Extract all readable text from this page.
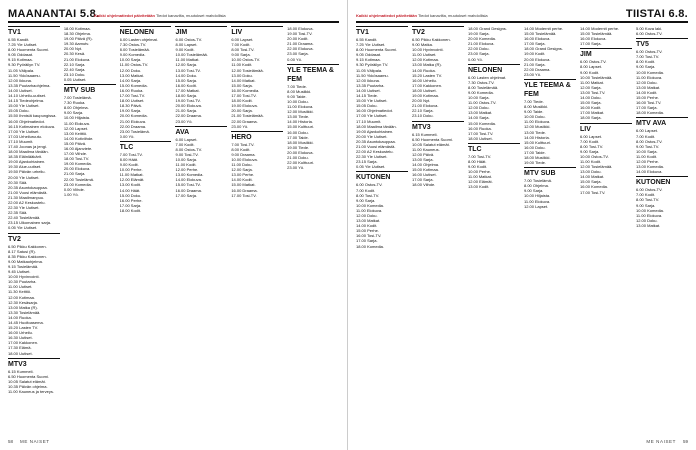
MAANANTAI 5.8.
Kaikki ohjelmatiedot päivitetään Tiedot kanavilta, muutokset mahdollisia
TV1
6.55 Kandit.
7.25 Yle Uutiset.
8.00 Huomenta Suomi.
9.05 Oddasat.
9.15 Kotimaa.
9.30 Pyöräilyn TV.
11.05 Välipala.
11.50 Ykkösaamu.
12.00 Ikkuna.
13.35 Puutarhaohjelma.
14.00 Uutiset.
14.10 Urheilu-uutiset.
14.15 Tiedeohjelma.
15.00 Yle Uutiset.
15.05 Doku.
15.50 Ihmisiä kaupungissa.
16.00 Ohjelmatiedot.
16.15 Kotimainen elokuva.
17.00 Yle Uutiset.
17.03 Urheiluruutu.
17.10 Muumit.
17.40 Joonas ja jengi.
18.00 Maailma tänään.
18.35 Eläinlääkärit.
19.00 Ajankohtainen.
19.30 Alue-uutiset.
19.50 Päivän urheilu.
20.00 Yle Uutiset.
20.30 Sää.
20.35 Asuntokauppaa.
21.00 Vuosi elämästä.
21.30 Maailmanpuu.
22.00 A2 Keskustelu.
22.30 Yle Uutiset.
22.35 Sää.
22.40 Tosielämää.
23.15 Ulkomainen sarja.
0.05 Yle Uutiset.
TV2
6.50 Pikku Kakkonen.
8.17 Satusi (R).
8.35 Pikku Kakkonen.
9.00 Matkaohjelma.
9.15 Tosielämää.
9.45 Uutiset.
10.00 Hyvinvointi.
10.30 Puutarha.
11.00 Uutiset.
11.30 Keittiö.
12.00 Kotimaa.
12.30 Kesäsarja.
13.00 Matka (R).
13.30 Tosielämää.
14.00 Ruoka.
14.45 Huoltoasema.
15.20 Lasten TV.
16.00 Urheilu.
16.30 Uutiset.
17.00 Kakkonen.
17.30 Elämä.
18.00 Uutiset.
MTV3
6.15 Kummeli.
6.50 Huomenta Suomi.
10.05 Salatut elämät.
10.35 Päivän ohjelma.
11.00 Kauneus ja terveys.
18.00 Kotimaa.
18.30 Ohjelma.
19.00 Päivä (R).
19.30 Aamutv.
20.00 Nyt.
20.30 Kesä.
21.00 Elokuva.
22.10 Sarja.
22.40 Sarja.
23.10 Doku.
0.05 Uutiset.
MTV SUB
7.00 Tosielämä.
7.30 Ruoka.
8.00 Ohjelma.
9.00 Sarja.
10.00 Hiljaista.
11.00 Elokuva.
12.00 Lapset.
13.00 Keittiö.
14.00 Kotiviihde.
15.00 Päivä.
16.00 Ajanviete.
17.00 Viihde.
18.00 Tosi-TV.
19.00 Komedia.
20.00 Elokuva.
21.00 Sarja.
22.00 Tosielämä.
23.00 Komedia.
0.00 Viihde.
1.00 Yö.
NELONEN
6.00 Lasten ohjelmat.
7.30 Ostos-TV.
8.00 Tosielämää.
9.00 Komedia.
10.00 Sarja.
11.00 Ostos-TV.
12.00 Doku.
13.00 Matkat.
14.00 Sarja.
15.00 Komedia.
16.00 Ruoka.
17.00 Tosi-TV.
18.00 Uutiset.
18.30 Päivä.
19.00 Sarja.
20.00 Komedia.
21.00 Elokuva.
22.00 Draama.
23.00 Tosielämä.
0.00 Yö.
TLC
7.00 Tosi-TV.
8.00 Häät.
9.00 Kodit.
10.00 Perhe.
11.00 Matkat.
12.00 Elämät.
13.00 Kodit.
14.00 Häät.
15.00 Doku.
16.00 Perhe.
17.00 Sarja.
18.00 Kodit.
JIM
6.00 Ostos-TV.
8.00 Lapset.
9.00 Kodit.
10.00 Tosielämää.
11.00 Matkat.
12.00 Sarja.
13.00 Tosi-TV.
14.00 Doku.
15.00 Sarja.
16.00 Kodit.
17.00 Matkat.
18.00 Sarja.
19.00 Tosi-TV.
20.00 Elokuva.
21.00 Sarja.
22.00 Draama.
23.00 Yö.
AVA
6.00 Lapset.
7.00 Kodit.
8.00 Ostos-TV.
9.00 Tosi-TV.
10.00 Sarja.
11.00 Kodit.
12.00 Perhe.
13.00 Komedia.
14.00 Elokuva.
15.00 Tosi-TV.
16.00 Draama.
17.00 Sarja.
LIV
6.00 Lapset.
7.00 Kodit.
8.00 Tosi-TV.
9.00 Sarja.
10.00 Ostos-TV.
11.00 Kodit.
12.00 Tosielämää.
13.00 Doku.
14.00 Matkat.
15.00 Sarja.
16.00 Komedia.
17.00 Tosi-TV.
18.00 Kodit.
19.00 Elokuva.
20.00 Sarja.
21.00 Tosielämää.
22.00 Draama.
23.00 Yö.
HERO
7.00 Tosi-TV.
8.00 Kodit.
9.00 Draama.
10.00 Elokuva.
11.00 Doku.
12.00 Sarja.
13.00 Perhe.
14.00 Kodit.
15.00 Matkat.
16.00 Draama.
17.00 Tosi-TV.
18.00 Elokuva.
19.00 Tosi-TV.
20.00 Kodit.
21.00 Draama.
22.00 Elokuva.
23.00 Sarja.
0.00 Yö.
YLE TEEMA & FEM
7.00 Tiede.
8.00 Musiikki.
9.00 Taide.
10.00 Doku.
11.00 Elokuva.
12.00 Musiikki.
13.00 Tiede.
14.00 Historia.
15.00 Kulttuuri.
16.00 Doku.
17.00 Taide.
18.00 Musiikki.
19.00 Tiede.
20.00 Elokuva.
21.00 Doku.
22.00 Kulttuuri.
23.00 Yö.
58 ME NAISET
TIISTAI 6.8.
Kaikki ohjelmatiedot päivitetään Tiedot kanavilta, muutokset mahdollisia
TV1
6.55 Kandit.
7.25 Yle Uutiset.
8.00 Huomenta Suomi.
9.05 Oddasat.
9.15 Kotimaa.
9.30 Pyöräilyn TV.
11.05 Välipala.
11.50 Ykkösaamu.
12.00 Ikkuna.
13.35 Puutarha.
14.00 Uutiset.
14.15 Tiede.
15.00 Yle Uutiset.
15.05 Doku.
16.00 Ohjelmatiedot.
17.00 Yle Uutiset.
17.10 Muumit.
18.00 Maailma tänään.
19.00 Ajankohtainen.
20.00 Yle Uutiset.
20.35 Asuntokauppaa.
21.00 Vuosi elämästä.
22.00 A2 Keskustelu.
22.30 Yle Uutiset.
23.15 Sarja.
0.05 Yle Uutiset.
KUTONEN
6.00 Ostos-TV.
7.00 Kodit.
8.00 Tosi-TV.
9.00 Sarja.
10.00 Komedia.
11.00 Elokuva.
12.00 Doku.
13.00 Matkat.
14.00 Kodit.
15.00 Perhe.
16.00 Tosi-TV.
17.00 Sarja.
18.00 Komedia.
TV2
6.50 Pikku Kakkonen.
9.00 Matka.
10.00 Hyvinvointi.
11.00 Uutiset.
12.00 Kotimaa.
13.00 Matka (R).
14.00 Ruoka.
15.20 Lasten TV.
16.00 Urheilu.
17.00 Kakkonen.
18.00 Uutiset.
19.00 Kotimaa.
20.00 Nyt.
21.00 Elokuva.
22.10 Sarja.
23.10 Doku.
MTV3
6.15 Kummeli.
6.50 Huomenta Suomi.
10.05 Salatut elämät.
11.00 Kauneus.
12.00 Päivä.
13.00 Sarja.
14.00 Ohjelma.
15.00 Kotimaa.
16.00 Uutiset.
17.00 Sarja.
18.00 Viihde.
18.00 Grand Designs.
19.00 Sarja.
20.00 Komedia.
21.00 Elokuva.
22.00 Doku.
23.00 Sarja.
0.00 Yö.
NELONEN
6.00 Lasten ohjelmat.
7.30 Ostos-TV.
8.00 Tosielämää.
9.00 Komedia.
10.00 Sarja.
11.00 Ostos-TV.
12.00 Doku.
13.00 Matkat.
14.00 Sarja.
15.00 Komedia.
16.00 Ruoka.
17.00 Tosi-TV.
18.00 Uutiset.
TLC
7.00 Tosi-TV.
8.00 Häät.
9.00 Kodit.
10.00 Perhe.
11.00 Matkat.
12.00 Elämät.
13.00 Kodit.
14.00 Modernit perhe.
15.00 Tosielämää.
16.00 Elokuva.
17.00 Sarja.
18.00 Grand Designs.
19.00 Kodit.
20.00 Elokuva.
21.00 Sarja.
22.00 Draama.
23.00 Yö.
YLE TEEMA & FEM
7.00 Tiede.
8.00 Musiikki.
9.00 Taide.
10.00 Doku.
11.00 Elokuva.
12.00 Musiikki.
13.00 Tiede.
14.00 Historia.
15.00 Kulttuuri.
16.00 Doku.
17.00 Taide.
18.00 Musiikki.
19.00 Tiede.
MTV SUB
7.00 Tosielämä.
8.00 Ohjelma.
9.00 Sarja.
10.00 Hiljaista.
11.00 Elokuva.
12.00 Lapset.
14.00 Modernit perhe.
15.00 Tosielämää.
16.00 Elokuva.
17.00 Sarja.
JIM
6.00 Ostos-TV.
8.00 Lapset.
9.00 Kodit.
10.00 Tosielämää.
11.00 Matkat.
12.00 Sarja.
13.00 Tosi-TV.
14.00 Doku.
15.00 Sarja.
16.00 Kodit.
17.00 Matkat.
18.00 Sarja.
LIV
6.00 Lapset.
7.00 Kodit.
8.00 Tosi-TV.
9.00 Sarja.
10.00 Ostos-TV.
11.00 Kodit.
12.00 Tosielämää.
13.00 Doku.
14.00 Matkat.
15.00 Sarja.
16.00 Komedia.
17.00 Tosi-TV.
5.00 Kova laki.
6.00 Ostos-TV.
TV5
6.00 Ostos-TV.
7.00 Tosi-TV.
8.00 Kodit.
9.00 Sarja.
10.00 Komedia.
11.00 Elokuva.
12.00 Doku.
13.00 Matkat.
14.00 Kodit.
15.00 Perhe.
16.00 Tosi-TV.
17.00 Sarja.
18.00 Komedia.
MTV AVA
6.00 Lapset.
7.00 Kodit.
8.00 Ostos-TV.
9.00 Tosi-TV.
10.00 Sarja.
11.00 Kodit.
12.00 Perhe.
13.00 Komedia.
14.00 Elokuva.
KUTONEN
6.00 Ostos-TV.
7.00 Kodit.
8.00 Tosi-TV.
9.00 Sarja.
10.00 Komedia.
11.00 Elokuva.
12.00 Doku.
13.00 Matkat.
ME NAISET 59
